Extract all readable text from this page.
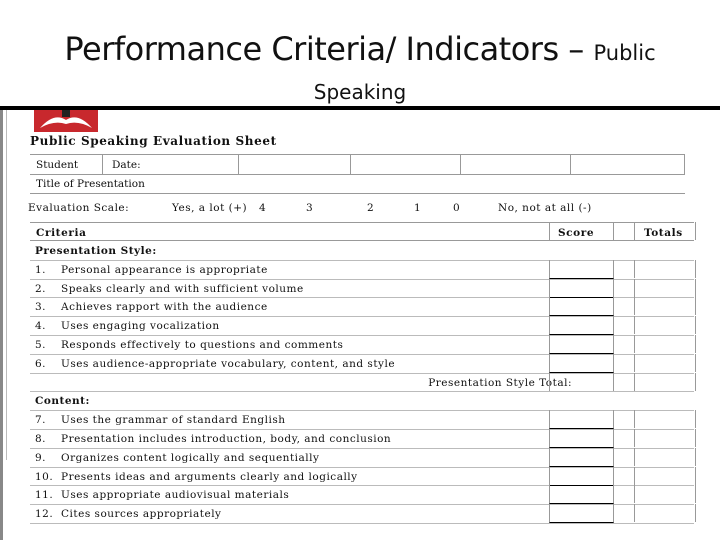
Performance Criteria/ Indicators – Public
Speaking
Public Speaking Evaluation Sheet
Student	Date:
Title of Presentation
Evaluation Scale:	Yes, a lot (+) 4	3	2	1	0	No, not at all (-)
Criteria	Score	Totals
Presentation Style:
1. Personal appearance is appropriate
2. Speaks clearly and with sufficient volume
3. Achieves rapport with the audience
4. Uses engaging vocalization
5. Responds effectively to questions and comments
6. Uses audience-appropriate vocabulary, content, and style
Presentation Style Total:
Content:
7. Uses the grammar of standard English
8. Presentation includes introduction, body, and conclusion
9. Organizes content logically and sequentially
10. Presents ideas and arguments clearly and logically
11. Uses appropriate audiovisual materials
12. Cites sources appropriately
